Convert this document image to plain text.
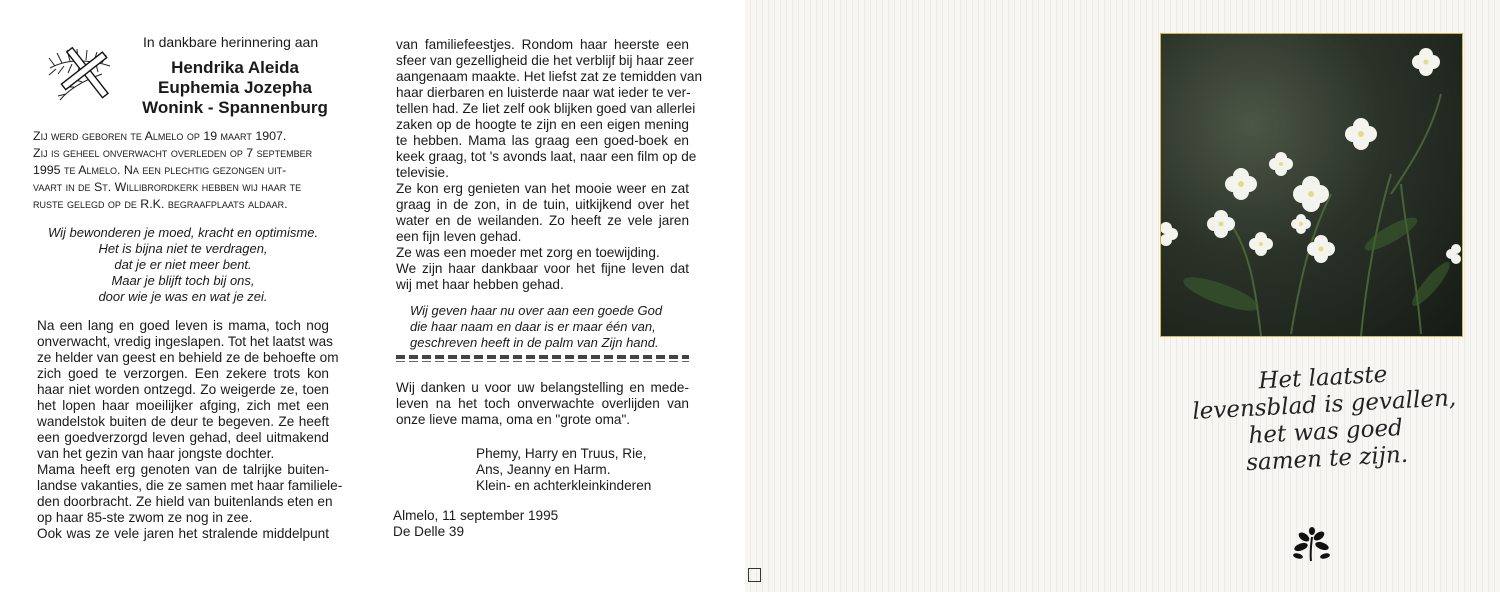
In dankbare herinnering aan
Hendrika Aleida
Euphemia Jozepha
Wonink - Spannenburg
Zij werd geboren te Almelo op 19 maart 1907.
Zij is geheel onverwacht overleden op 7 september
1995 te Almelo. Na een plechtig gezongen uit-
vaart in de St. Willibrordkerk hebben wij haar te
ruste gelegd op de R.K. begraafplaats aldaar.
Wij bewonderen je moed, kracht en optimisme.
Het is bijna niet te verdragen,
dat je er niet meer bent.
Maar je blijft toch bij ons,
door wie je was en wat je zei.
Na een lang en goed leven is mama, toch nog
onverwacht, vredig ingeslapen. Tot het laatst was
ze helder van geest en behield ze de behoefte om
zich goed te verzorgen. Een zekere trots kon
haar niet worden ontzegd. Zo weigerde ze, toen
het lopen haar moeilijker afging, zich met een
wandelstok buiten de deur te begeven. Ze heeft
een goedverzorgd leven gehad, deel uitmakend
van het gezin van haar jongste dochter.
Mama heeft erg genoten van de talrijke buiten-
landse vakanties, die ze samen met haar familiele-
den doorbracht. Ze hield van buitenlands eten en
op haar 85-ste zwom ze nog in zee.
Ook was ze vele jaren het stralende middelpunt
van familiefeestjes. Rondom haar heerste een
sfeer van gezelligheid die het verblijf bij haar zeer
aangenaam maakte. Het liefst zat ze temidden van
haar dierbaren en luisterde naar wat ieder te ver-
tellen had. Ze liet zelf ook blijken goed van allerlei
zaken op de hoogte te zijn en een eigen mening
te hebben. Mama las graag een goed-boek en
keek graag, tot 's avonds laat, naar een film op de
televisie.
Ze kon erg genieten van het mooie weer en zat
graag in de zon, in de tuin, uitkijkend over het
water en de weilanden. Zo heeft ze vele jaren
een fijn leven gehad.
Ze was een moeder met zorg en toewijding.
We zijn haar dankbaar voor het fijne leven dat
wij met haar hebben gehad.
Wij geven haar nu over aan een goede God
die haar naam en daar is er maar één van,
geschreven heeft in de palm van Zijn hand.
Wij danken u voor uw belangstelling en mede-
leven na het toch onverwachte overlijden van
onze lieve mama, oma en "grote oma".
Phemy, Harry en Truus, Rie,
Ans, Jeanny en Harm.
Klein- en achterkleinkinderen
Almelo, 11 september 1995
De Delle 39
Het laatste
levensblad is gevallen,
het was goed
samen te zijn.
